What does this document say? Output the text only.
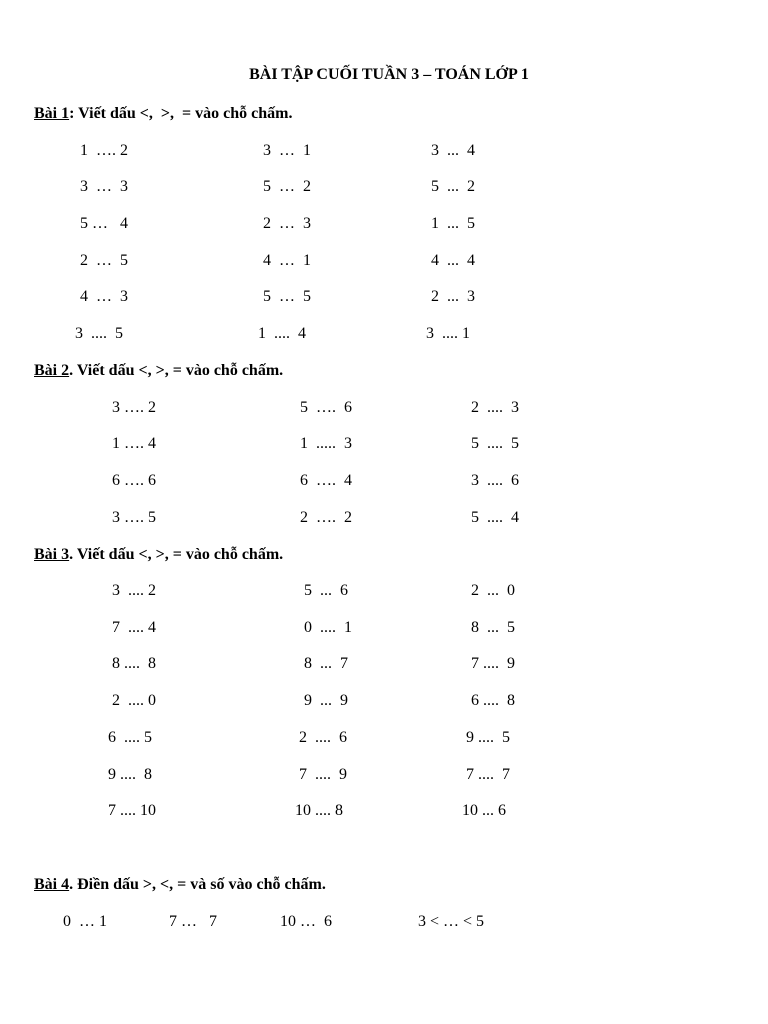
BÀI TẬP CUỐI TUẦN 3 – TOÁN LỚP 1
Bài 1: Viết dấu <,  >,  = vào chỗ chấm.
1  …. 2	3  …  1	3  ...  4
3  …  3	5  …  2	5  ...  2
5 …   4	2  …  3	1  ...  5
2  …  5	4  …  1	4  ...  4
4  …  3	5  …  5	2  ...  3
3  ....  5	1  ....  4	3  .... 1
Bài 2. Viết dấu <, >, = vào chỗ chấm.
3 …. 2	5  ….  6	2  ....  3
1 …. 4	1  .....  3	5  ....  5
6 …. 6	6  ….  4	3  ....  6
3 …. 5	2  ….  2	5  ....  4
Bài 3. Viết dấu <, >, = vào chỗ chấm.
3  .... 2	5  ...  6	2  ...  0
7  .... 4	0  ....  1	8  ...  5
8 ....  8	8  ...  7	7 ....  9
2  .... 0	9  ...  9	6 ....  8
6  .... 5	2  ....  6	9 ....  5
9 ....  8	7  ....  9	7 ....  7
7 .... 10	10 .... 8	10 ... 6
Bài 4. Điền dấu >, <, = và số vào chỗ chấm.
0  … 1	7 …   7	10 …  6	3 < … < 5
